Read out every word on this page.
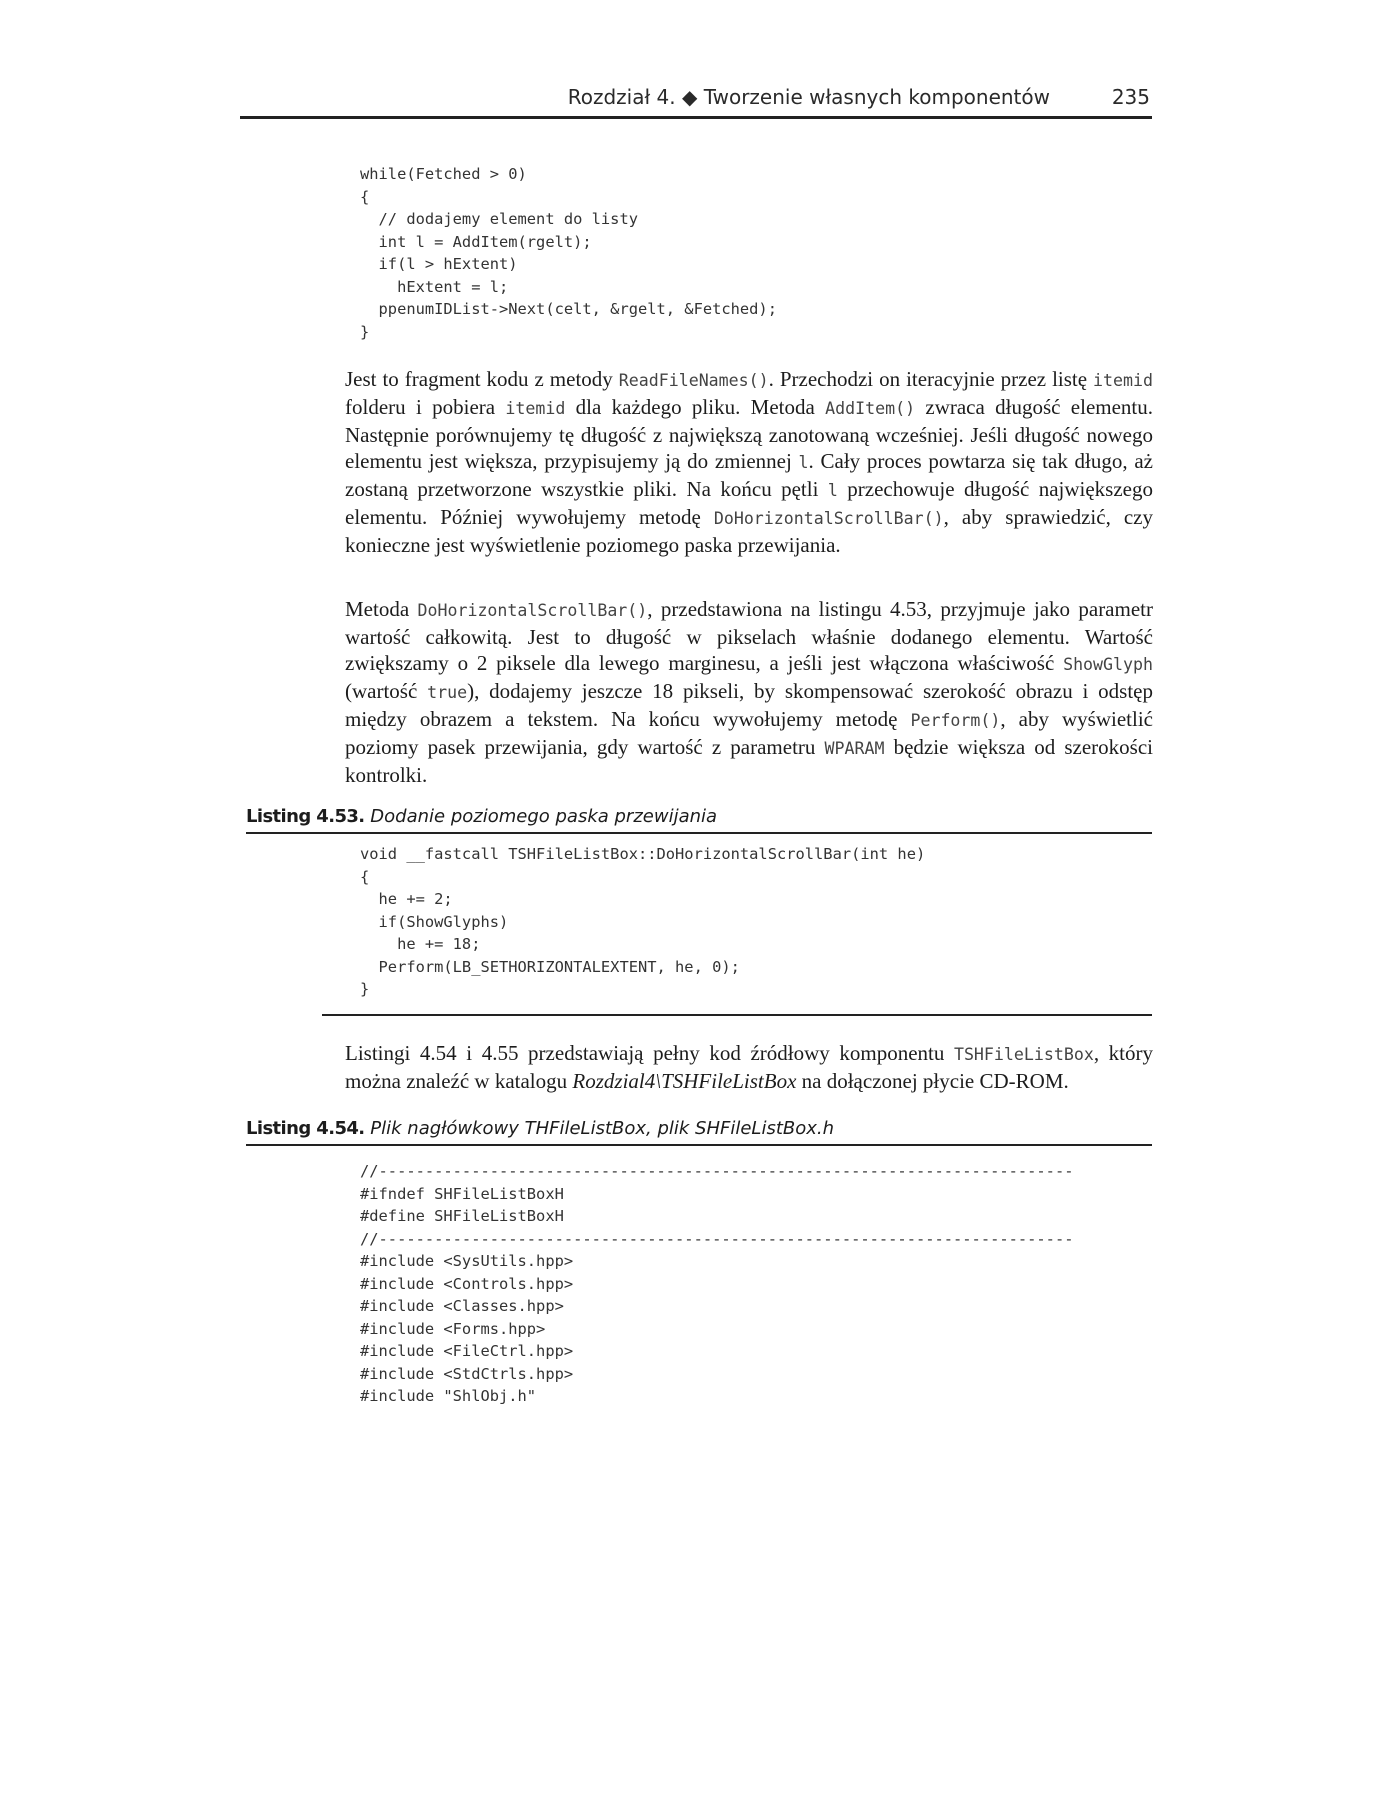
Rozdział 4. ◆ Tworzenie własnych komponentów	235
while(Fetched > 0)
{
// dodajemy element do listy
int l = AddItem(rgelt);
if(l > hExtent)
hExtent = l;
ppenumIDList->Next(celt, &rgelt, &Fetched);
}

Jest to fragment kodu z metody ReadFileNames(). Przechodzi on iteracyjnie przez listę itemid folderu i pobiera itemid dla każdego pliku. Metoda AddItem() zwraca długość elementu. Następnie porównujemy tę długość z największą zanotowaną wcześniej. Jeśli długość nowego elementu jest większa, przypisujemy ją do zmiennej l. Cały proces powtarza się tak długo, aż zostaną przetworzone wszystkie pliki. Na końcu pętli l przechowuje długość największego elementu. Później wywołujemy metodę DoHorizontalScrollBar(), aby sprawiedzić, czy konieczne jest wyświetlenie poziomego paska przewijania.

Metoda DoHorizontalScrollBar(), przedstawiona na listingu 4.53, przyjmuje jako parametr wartość całkowitą. Jest to długość w pikselach właśnie dodanego elementu. Wartość zwiększamy o 2 piksele dla lewego marginesu, a jeśli jest włączona właściwość ShowGlyph (wartość true), dodajemy jeszcze 18 pikseli, by skompensować szerokość obrazu i odstęp między obrazem a tekstem. Na końcu wywołujemy metodę Perform(), aby wyświetlić poziomy pasek przewijania, gdy wartość z parametru WPARAM będzie większa od szerokości kontrolki.

Listing 4.53. Dodanie poziomego paska przewijania
void __fastcall TSHFileListBox::DoHorizontalScrollBar(int he)
{
he += 2;
if(ShowGlyphs)
he += 18;
Perform(LB_SETHORIZONTALEXTENT, he, 0);
}

Listingi 4.54 i 4.55 przedstawiają pełny kod źródłowy komponentu TSHFileListBox, który można znaleźć w katalogu Rozdzial4\TSHFileListBox na dołączonej płycie CD-ROM.

Listing 4.54. Plik nagłówkowy THFileListBox, plik SHFileListBox.h
//---------------------------------------------------------------------------
#ifndef SHFileListBoxH
#define SHFileListBoxH
//---------------------------------------------------------------------------
#include <SysUtils.hpp>
#include <Controls.hpp>
#include <Classes.hpp>
#include <Forms.hpp>
#include <FileCtrl.hpp>
#include <StdCtrls.hpp>
#include "ShlObj.h"
